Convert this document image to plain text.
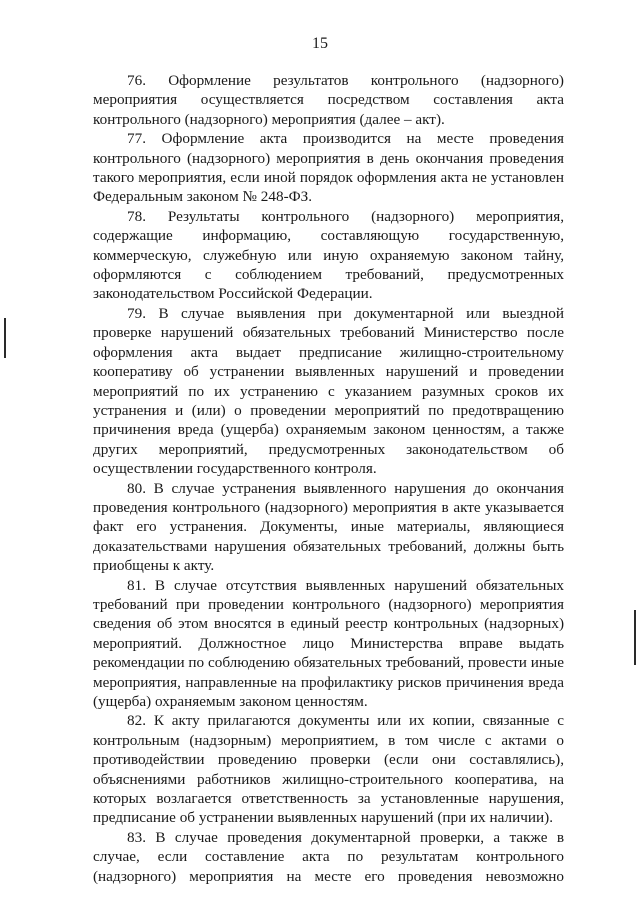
15

76. Оформление результатов контрольного (надзорного) мероприятия осуществляется посредством составления акта контрольного (надзорного) мероприятия (далее – акт).

77. Оформление акта производится на месте проведения контрольного (надзорного) мероприятия в день окончания проведения такого мероприятия, если иной порядок оформления акта не установлен Федеральным законом № 248-ФЗ.

78. Результаты контрольного (надзорного) мероприятия, содержащие информацию, составляющую государственную, коммерческую, служебную или иную охраняемую законом тайну, оформляются с соблюдением требований, предусмотренных законодательством Российской Федерации.

79. В случае выявления при документарной или выездной проверке нарушений обязательных требований Министерство после оформления акта выдает предписание жилищно-строительному кооперативу об устранении выявленных нарушений и проведении мероприятий по их устранению с указанием разумных сроков их устранения и (или) о проведении мероприятий по предотвращению причинения вреда (ущерба) охраняемым законом ценностям, а также других мероприятий, предусмотренных законодательством об осуществлении государственного контроля.

80. В случае устранения выявленного нарушения до окончания проведения контрольного (надзорного) мероприятия в акте указывается факт его устранения. Документы, иные материалы, являющиеся доказательствами нарушения обязательных требований, должны быть приобщены к акту.

81. В случае отсутствия выявленных нарушений обязательных требований при проведении контрольного (надзорного) мероприятия сведения об этом вносятся в единый реестр контрольных (надзорных) мероприятий. Должностное лицо Министерства вправе выдать рекомендации по соблюдению обязательных требований, провести иные мероприятия, направленные на профилактику рисков причинения вреда (ущерба) охраняемым законом ценностям.

82. К акту прилагаются документы или их копии, связанные с контрольным (надзорным) мероприятием, в том числе с актами о противодействии проведению проверки (если они составлялись), объяснениями работников жилищно-строительного кооператива, на которых возлагается ответственность за установленные нарушения, предписание об устранении выявленных нарушений (при их наличии).

83. В случае проведения документарной проверки, а также в случае, если составление акта по результатам контрольного (надзорного) мероприятия на месте его проведения невозможно
